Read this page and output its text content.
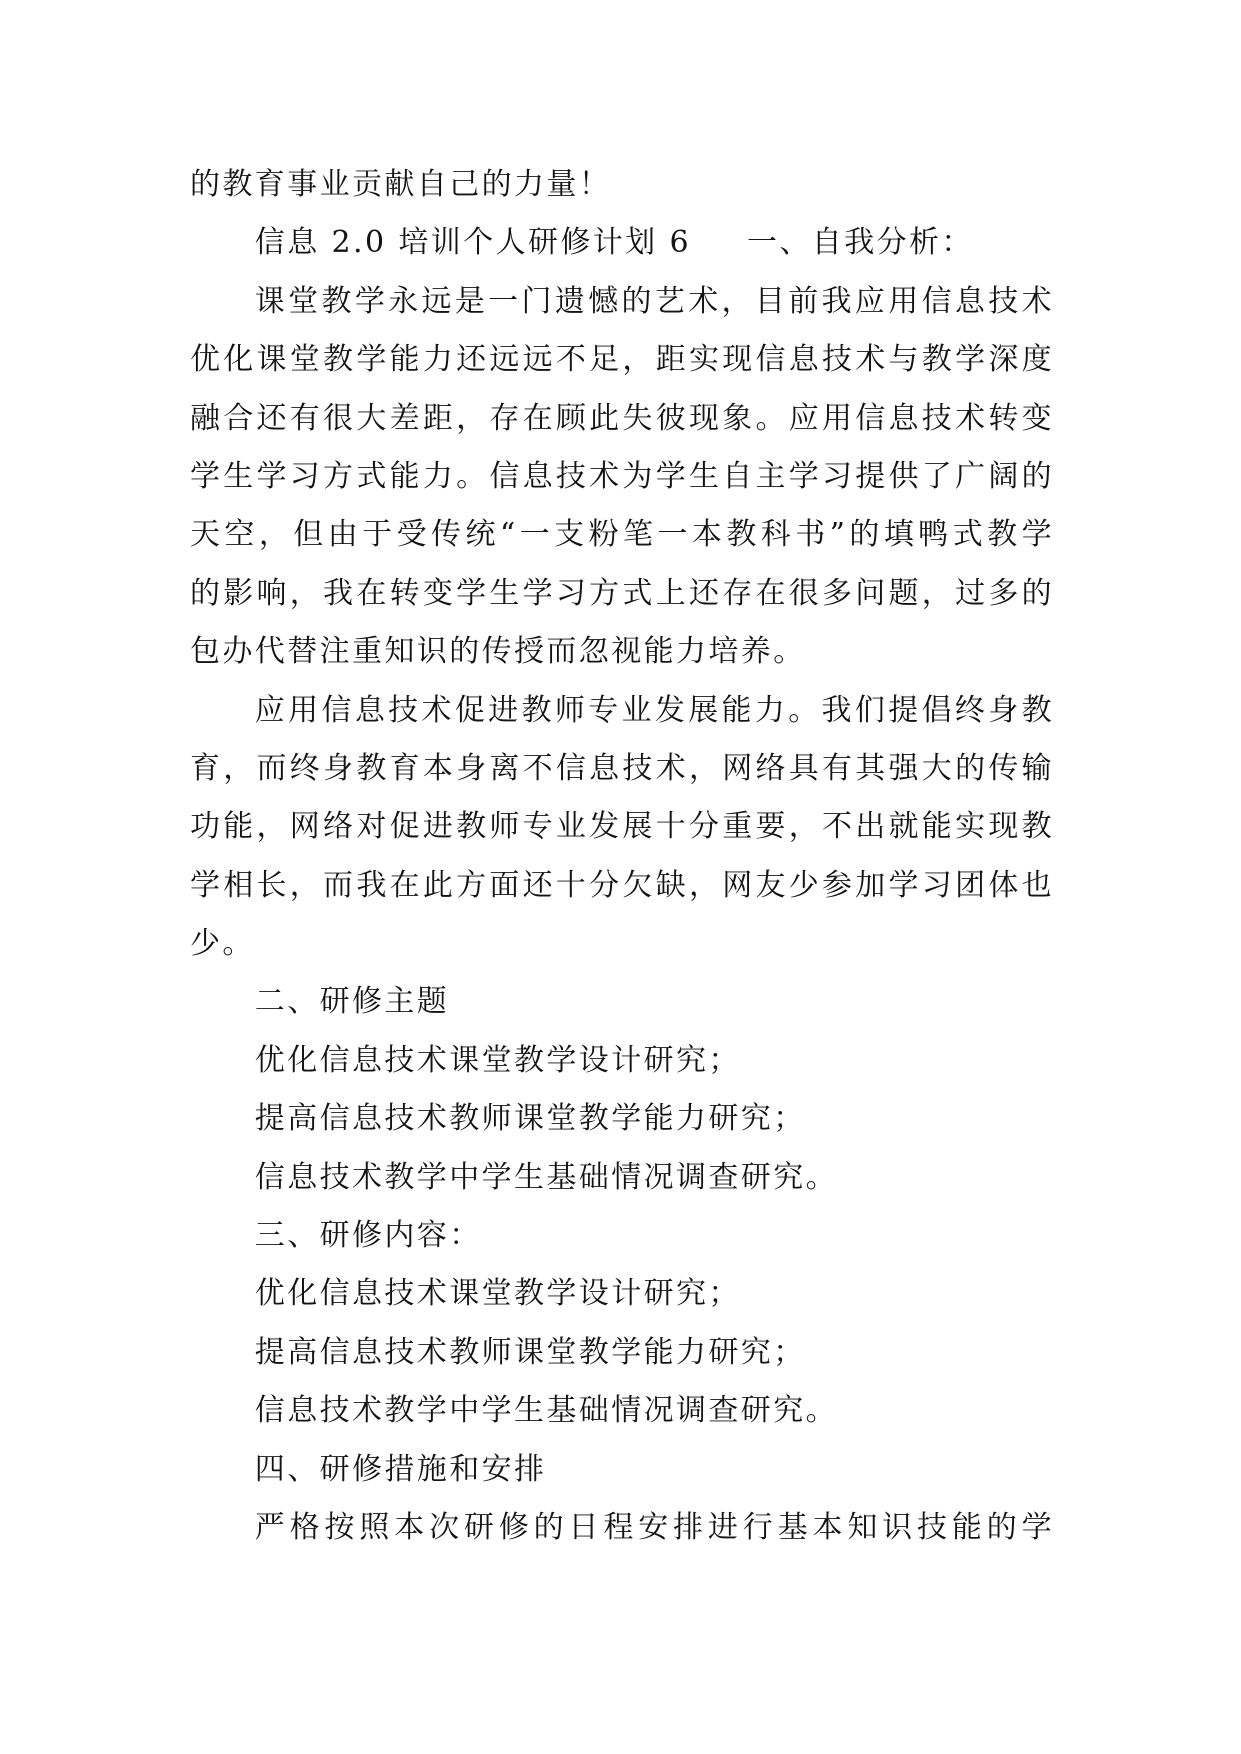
的教育事业贡献自己的力量！
信息 2.0 培训个人研修计划 6 一、自我分析：
课堂教学永远是一门遗憾的艺术，目前我应用信息技术
优化课堂教学能力还远远不足，距实现信息技术与教学深度
融合还有很大差距，存在顾此失彼现象。应用信息技术转变
学生学习方式能力。信息技术为学生自主学习提供了广阔的
天空，但由于受传统“一支粉笔一本教科书”的填鸭式教学
的影响，我在转变学生学习方式上还存在很多问题，过多的
包办代替注重知识的传授而忽视能力培养。
应用信息技术促进教师专业发展能力。我们提倡终身教
育，而终身教育本身离不信息技术，网络具有其强大的传输
功能，网络对促进教师专业发展十分重要，不出就能实现教
学相长，而我在此方面还十分欠缺，网友少参加学习团体也
少。
二、研修主题
优化信息技术课堂教学设计研究；
提高信息技术教师课堂教学能力研究；
信息技术教学中学生基础情况调查研究。
三、研修内容：
优化信息技术课堂教学设计研究；
提高信息技术教师课堂教学能力研究；
信息技术教学中学生基础情况调查研究。
四、研修措施和安排
严格按照本次研修的日程安排进行基本知识技能的学
